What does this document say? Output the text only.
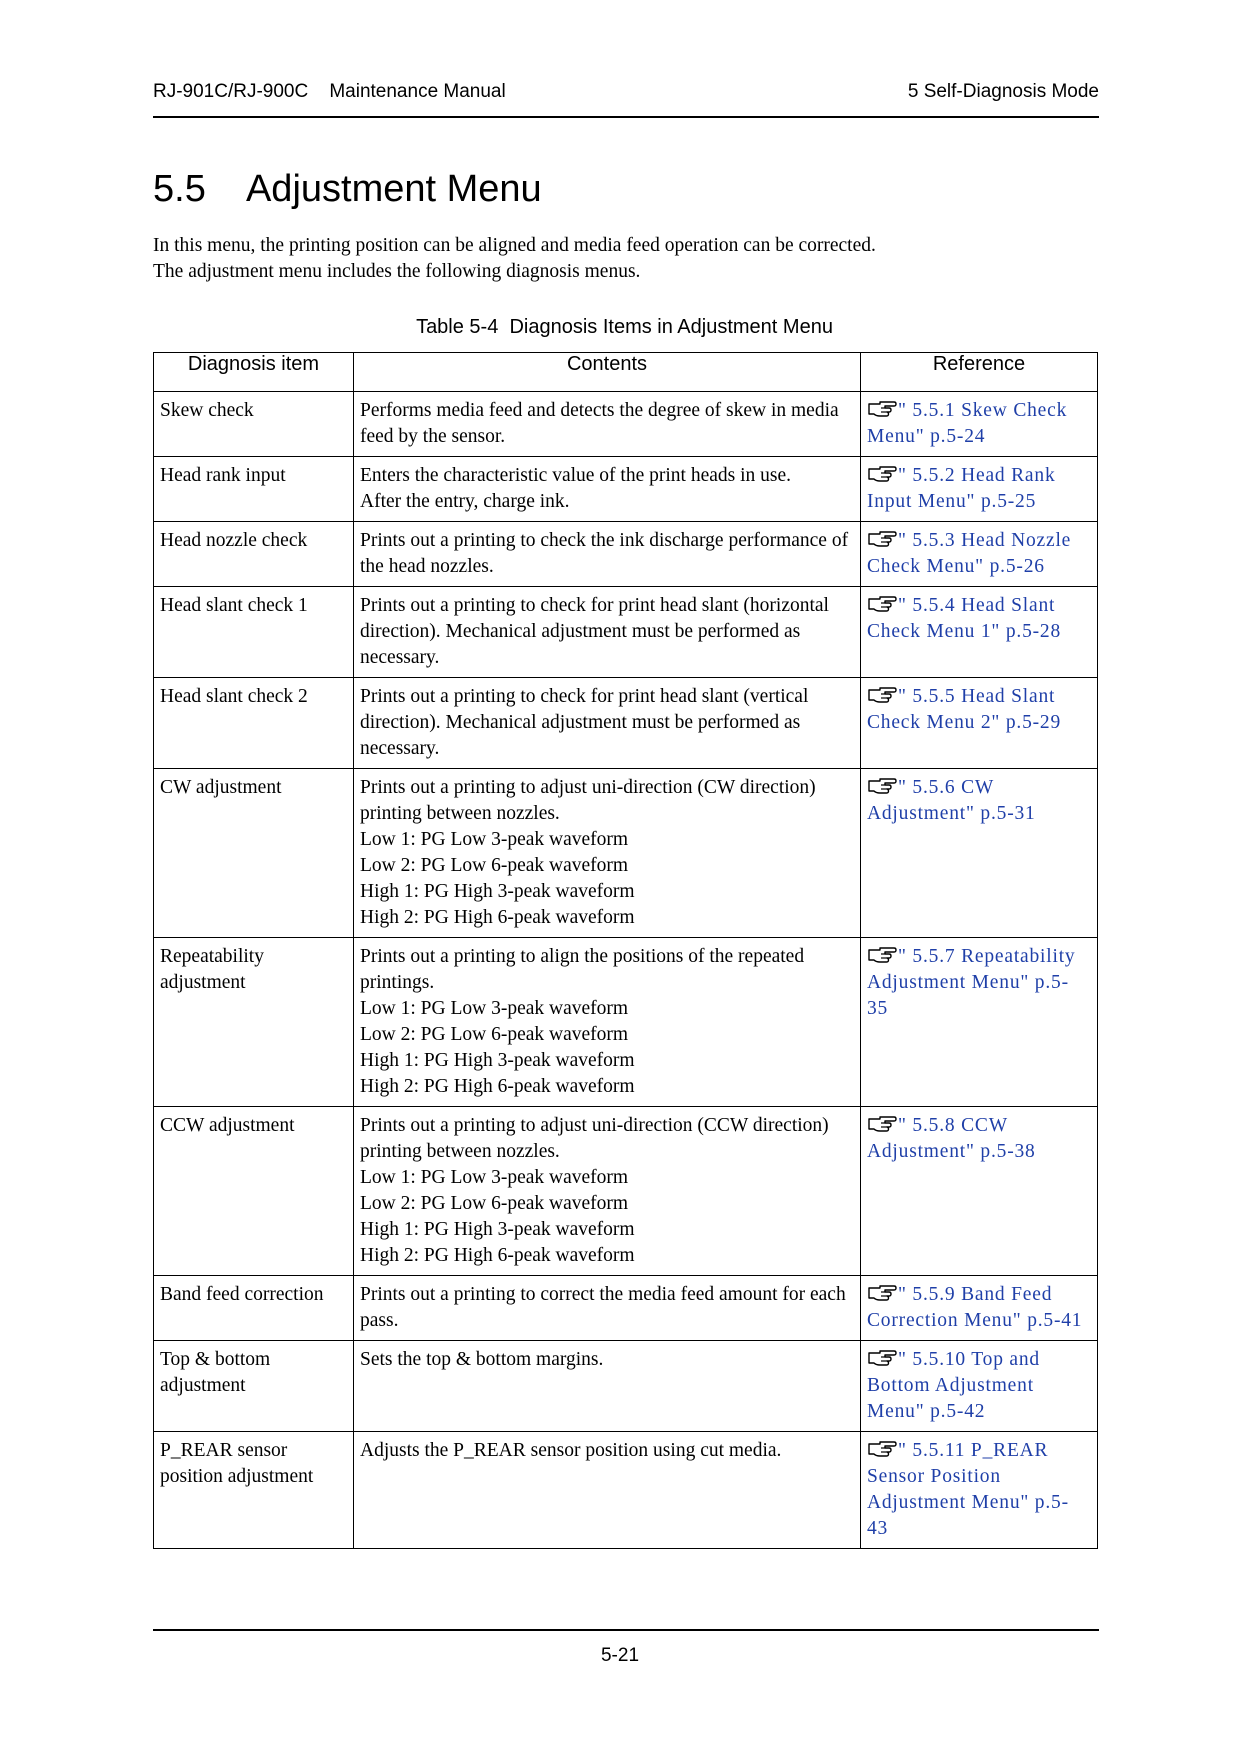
RJ-901C/RJ-900C    Maintenance Manual	5 Self-Diagnosis Mode
5.5    Adjustment Menu

In this menu, the printing position can be aligned and media feed operation can be corrected.

The adjustment menu includes the following diagnosis menus.

Table 5-4  Diagnosis Items in Adjustment Menu
Diagnosis item	Contents	Reference

Skew check	Performs media feed and detects the degree of skew in media feed by the sensor.	" 5.5.1 Skew Check Menu" p.5-24

Head rank input	Enters the characteristic value of the print heads in use.
After the entry, charge ink.	" 5.5.2 Head Rank Input Menu" p.5-25

Head nozzle check	Prints out a printing to check the ink discharge performance of the head nozzles.	" 5.5.3 Head Nozzle Check Menu" p.5-26

Head slant check 1	Prints out a printing to check for print head slant (horizontal direction). Mechanical adjustment must be performed as necessary.	" 5.5.4 Head Slant Check Menu 1" p.5-28

Head slant check 2	Prints out a printing to check for print head slant (vertical direction). Mechanical adjustment must be performed as necessary.	" 5.5.5 Head Slant Check Menu 2" p.5-29

CW adjustment	Prints out a printing to adjust uni-direction (CW direction) printing between nozzles.
Low 1: PG Low 3-peak waveform
Low 2: PG Low 6-peak waveform
High 1: PG High 3-peak waveform
High 2: PG High 6-peak waveform	" 5.5.6 CW Adjustment" p.5-31

Repeatability adjustment	Prints out a printing to align the positions of the repeated printings.
Low 1: PG Low 3-peak waveform
Low 2: PG Low 6-peak waveform
High 1: PG High 3-peak waveform
High 2: PG High 6-peak waveform	" 5.5.7 Repeatability Adjustment Menu" p.5-35

CCW adjustment	Prints out a printing to adjust uni-direction (CCW direction) printing between nozzles.
Low 1: PG Low 3-peak waveform
Low 2: PG Low 6-peak waveform
High 1: PG High 3-peak waveform
High 2: PG High 6-peak waveform	" 5.5.8 CCW Adjustment" p.5-38

Band feed correction	Prints out a printing to correct the media feed amount for each pass.	" 5.5.9 Band Feed Correction Menu" p.5-41

Top & bottom adjustment	Sets the top & bottom margins.	" 5.5.10 Top and Bottom Adjustment Menu" p.5-42

P_REAR sensor position adjustment	Adjusts the P_REAR sensor position using cut media.	" 5.5.11 P_REAR Sensor Position Adjustment Menu" p.5-43
5-21
